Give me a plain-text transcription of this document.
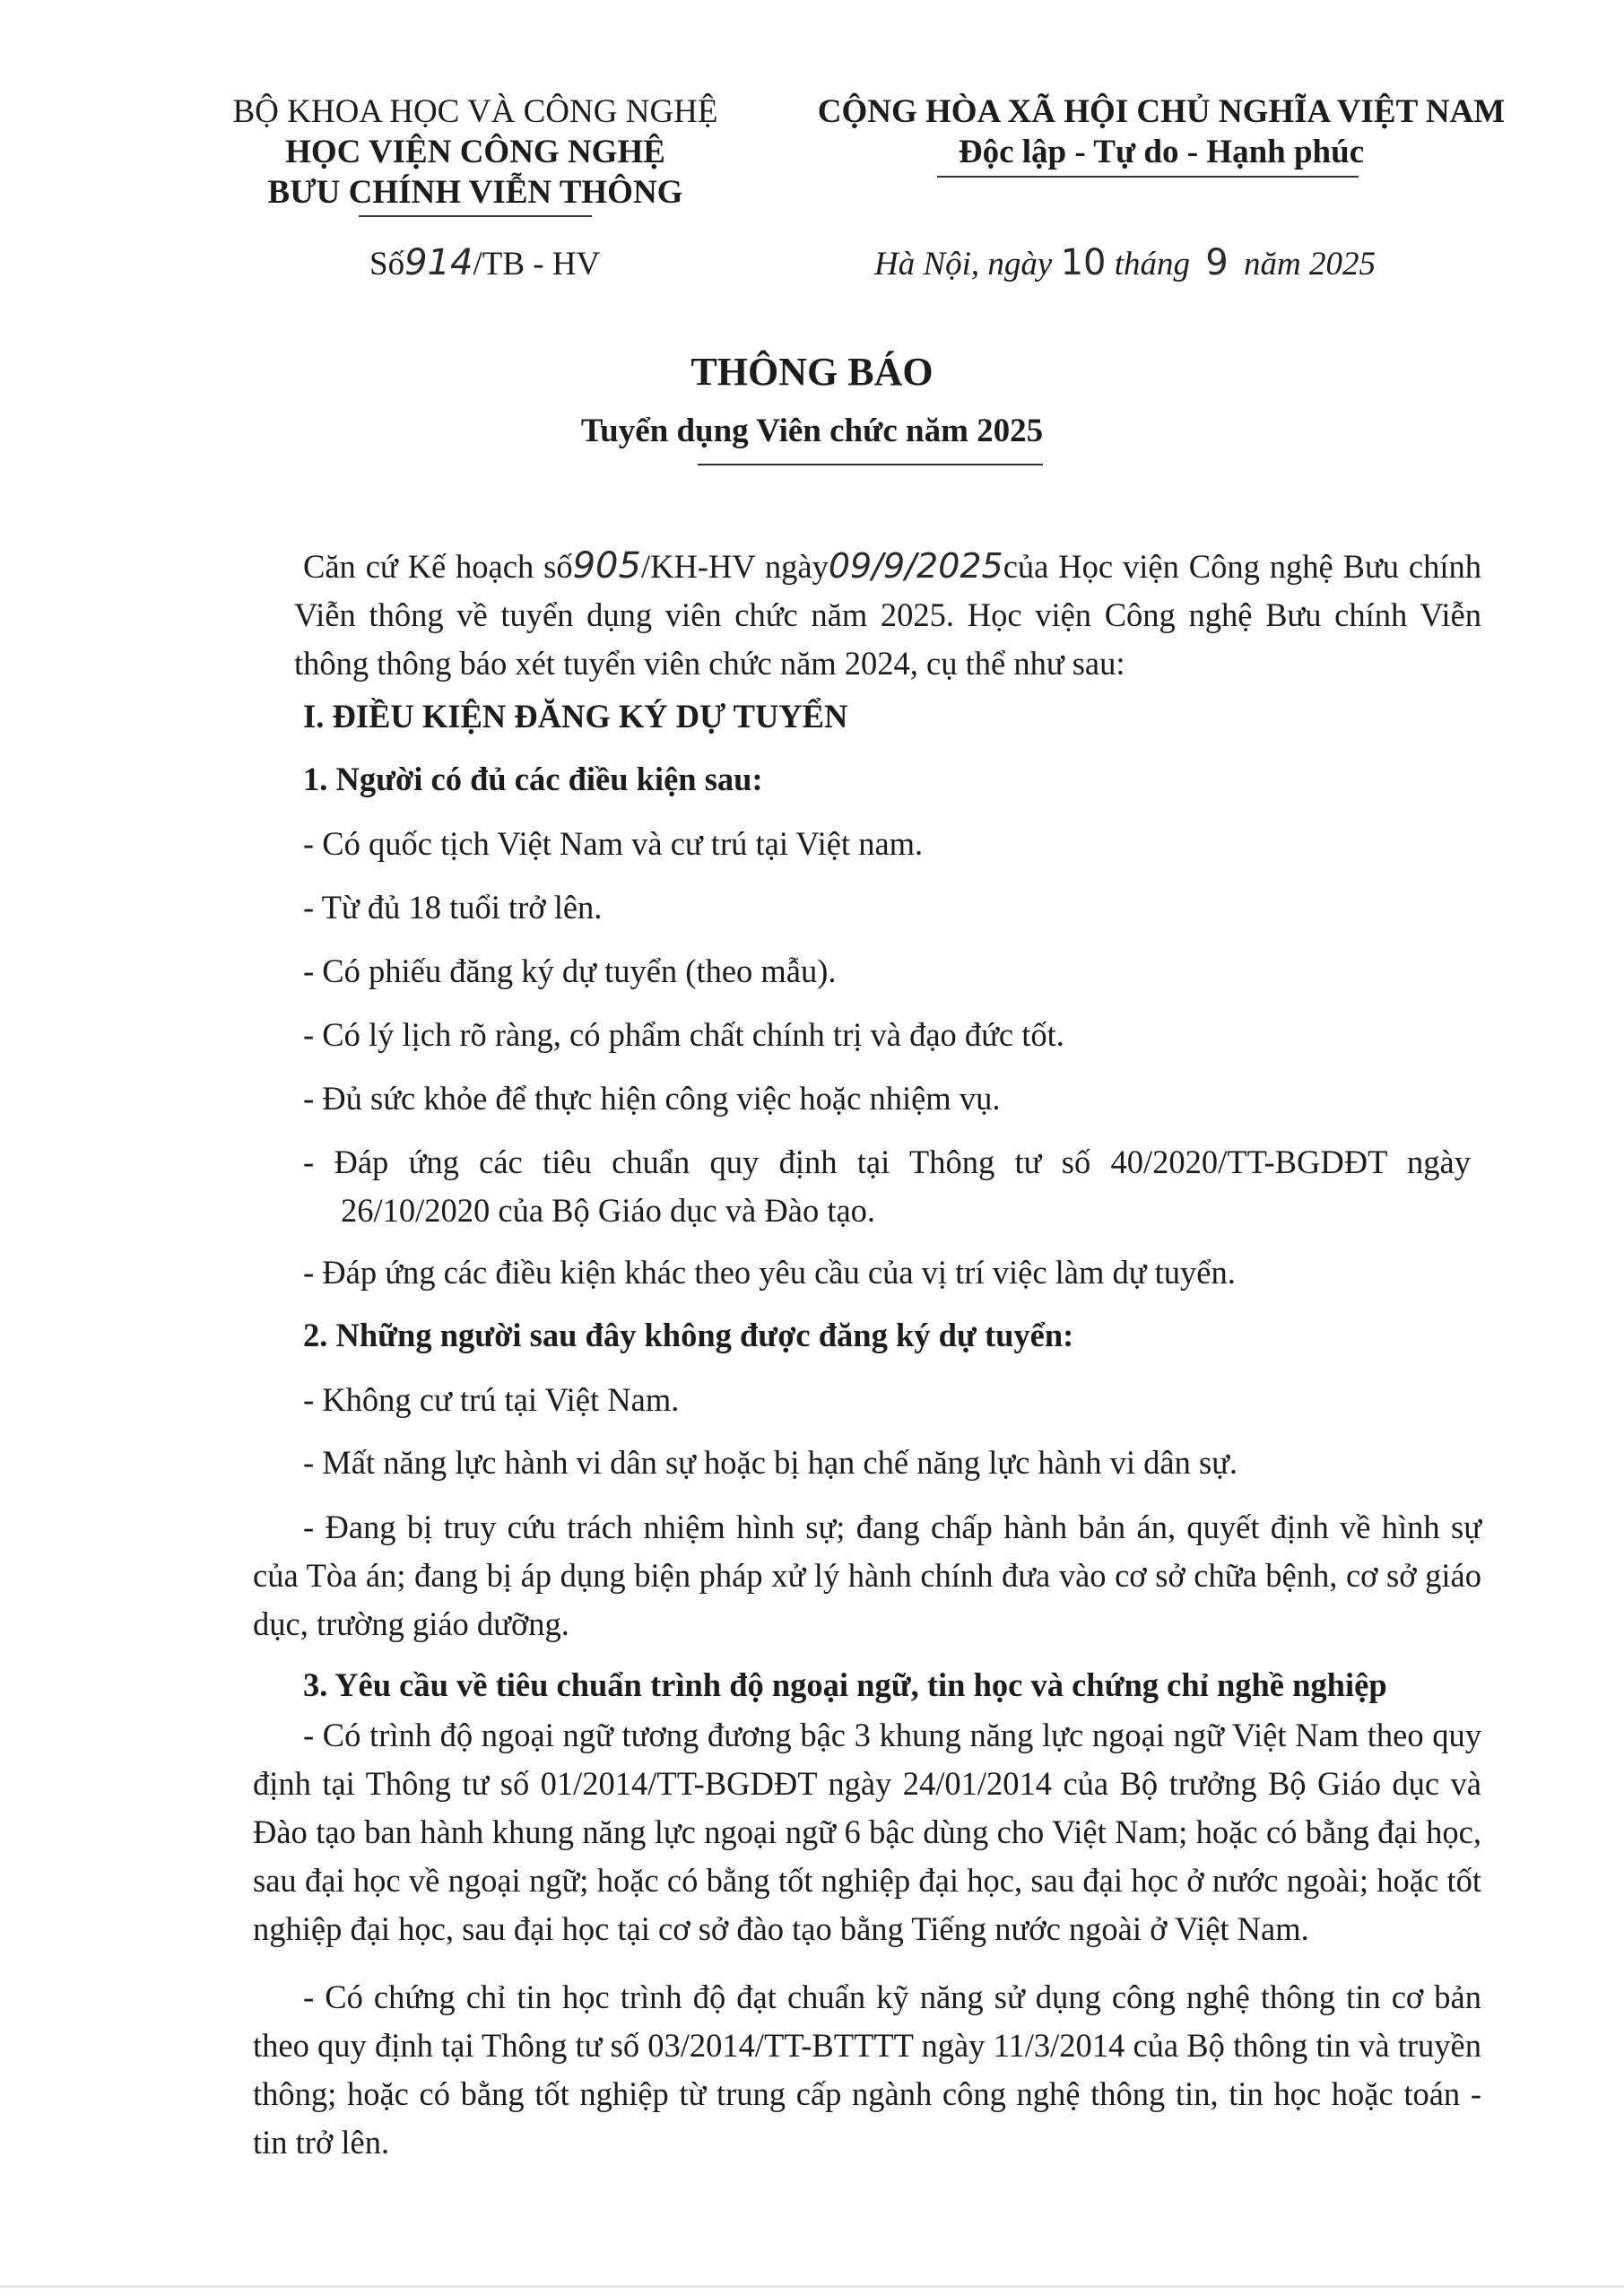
BỘ KHOA HỌC VÀ CÔNG NGHỆ
HỌC VIỆN CÔNG NGHỆ
BƯU CHÍNH VIỄN THÔNG
CỘNG HÒA XÃ HỘI CHỦ NGHĨA VIỆT NAM
Độc lập - Tự do - Hạnh phúc
Số914/TB - HV	Hà Nội, ngày 10 tháng 9 năm 2025
THÔNG BÁO
Tuyển dụng Viên chức năm 2025
Căn cứ Kế hoạch số905/KH-HV ngày09/9/2025của Học viện Công nghệ Bưu chính Viễn thông về tuyển dụng viên chức năm 2025. Học viện Công nghệ Bưu chính Viễn thông thông báo xét tuyển viên chức năm 2024, cụ thể như sau:
I. ĐIỀU KIỆN ĐĂNG KÝ DỰ TUYỂN
1. Người có đủ các điều kiện sau:
- Có quốc tịch Việt Nam và cư trú tại Việt nam.
- Từ đủ 18 tuổi trở lên.
- Có phiếu đăng ký dự tuyển (theo mẫu).
- Có lý lịch rõ ràng, có phẩm chất chính trị và đạo đức tốt.
- Đủ sức khỏe để thực hiện công việc hoặc nhiệm vụ.
- Đáp ứng các tiêu chuẩn quy định tại Thông tư số 40/2020/TT-BGDĐT ngày 26/10/2020 của Bộ Giáo dục và Đào tạo.
- Đáp ứng các điều kiện khác theo yêu cầu của vị trí việc làm dự tuyển.
2. Những người sau đây không được đăng ký dự tuyển:
- Không cư trú tại Việt Nam.
- Mất năng lực hành vi dân sự hoặc bị hạn chế năng lực hành vi dân sự.
- Đang bị truy cứu trách nhiệm hình sự; đang chấp hành bản án, quyết định về hình sự của Tòa án; đang bị áp dụng biện pháp xử lý hành chính đưa vào cơ sở chữa bệnh, cơ sở giáo dục, trường giáo dưỡng.
3. Yêu cầu về tiêu chuẩn trình độ ngoại ngữ, tin học và chứng chỉ nghề nghiệp
- Có trình độ ngoại ngữ tương đương bậc 3 khung năng lực ngoại ngữ Việt Nam theo quy định tại Thông tư số 01/2014/TT-BGDĐT ngày 24/01/2014 của Bộ trưởng Bộ Giáo dục và Đào tạo ban hành khung năng lực ngoại ngữ 6 bậc dùng cho Việt Nam; hoặc có bằng đại học, sau đại học về ngoại ngữ; hoặc có bằng tốt nghiệp đại học, sau đại học ở nước ngoài; hoặc tốt nghiệp đại học, sau đại học tại cơ sở đào tạo bằng Tiếng nước ngoài ở Việt Nam.
- Có chứng chỉ tin học trình độ đạt chuẩn kỹ năng sử dụng công nghệ thông tin cơ bản theo quy định tại Thông tư số 03/2014/TT-BTTTT ngày 11/3/2014 của Bộ thông tin và truyền thông; hoặc có bằng tốt nghiệp từ trung cấp ngành công nghệ thông tin, tin học hoặc toán - tin trở lên.
